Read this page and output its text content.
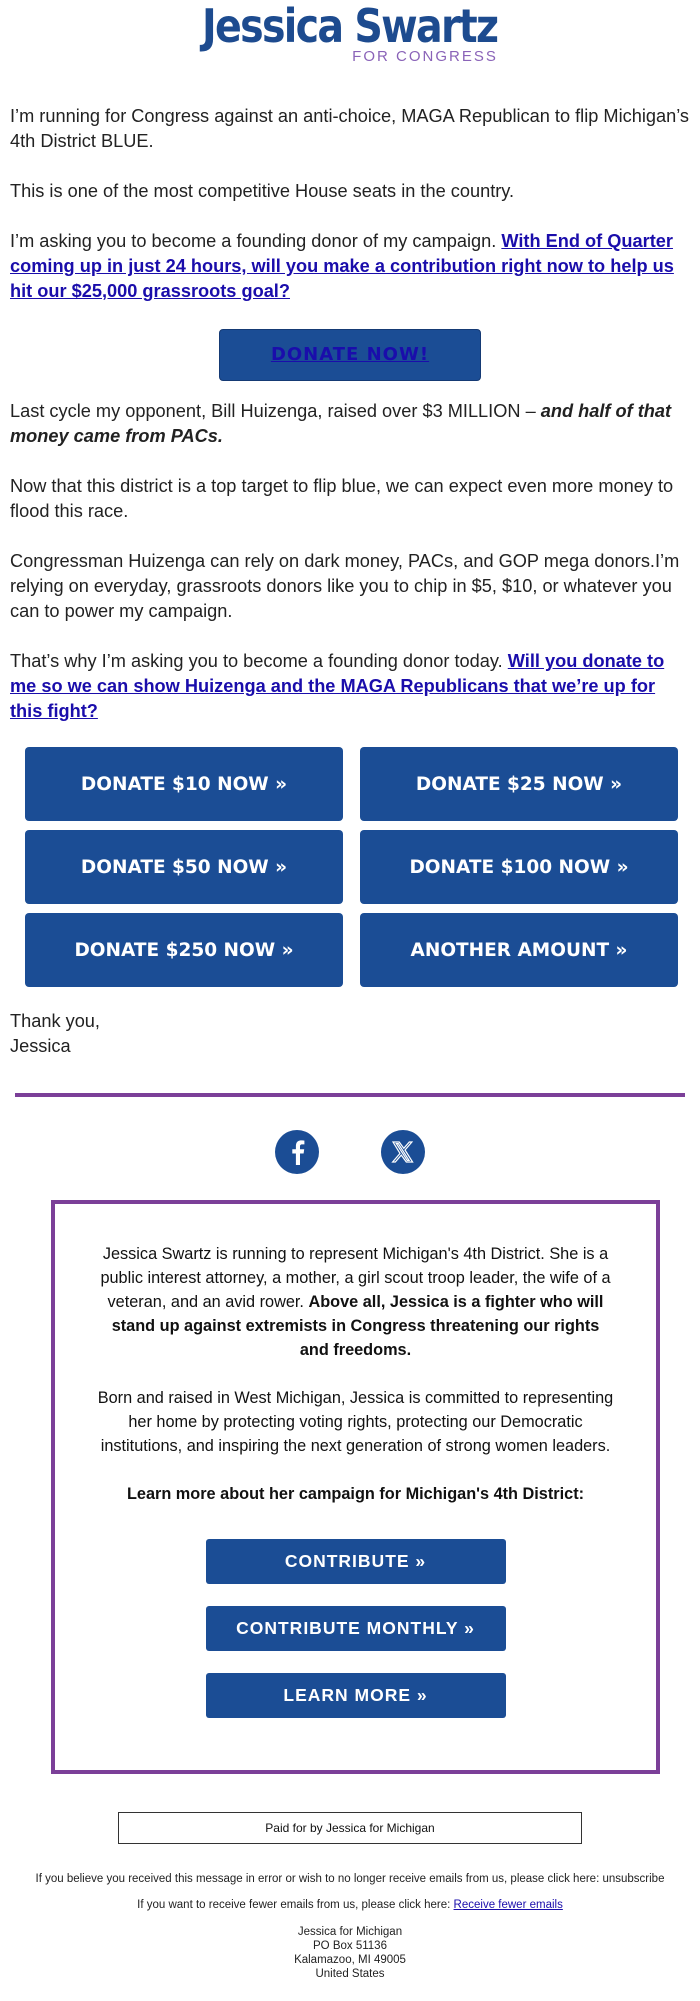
Jessica Swartz
FOR CONGRESS

I’m running for Congress against an anti-choice, MAGA Republican to flip Michigan’s 4th District BLUE.

This is one of the most competitive House seats in the country.

I’m asking you to become a founding donor of my campaign. With End of Quarter coming up in just 24 hours, will you make a contribution right now to help us hit our $25,000 grassroots goal?

DONATE NOW!

Last cycle my opponent, Bill Huizenga, raised over $3 MILLION – and half of that money came from PACs.

Now that this district is a top target to flip blue, we can expect even more money to flood this race.

Congressman Huizenga can rely on dark money, PACs, and GOP mega donors.I’m relying on everyday, grassroots donors like you to chip in $5, $10, or whatever you can to power my campaign.

That’s why I’m asking you to become a founding donor today. Will you donate to me so we can show Huizenga and the MAGA Republicans that we’re up for this fight?

DONATE $10 NOW »	DONATE $25 NOW »
DONATE $50 NOW »	DONATE $100 NOW »
DONATE $250 NOW »	ANOTHER AMOUNT »
Thank you,
Jessica

Jessica Swartz is running to represent Michigan's 4th District. She is a public interest attorney, a mother, a girl scout troop leader, the wife of a veteran, and an avid rower. Above all, Jessica is a fighter who will stand up against extremists in Congress threatening our rights and freedoms.

Born and raised in West Michigan, Jessica is committed to representing her home by protecting voting rights, protecting our Democratic institutions, and inspiring the next generation of strong women leaders.

Learn more about her campaign for Michigan's 4th District:

CONTRIBUTE »
CONTRIBUTE MONTHLY »
LEARN MORE »
Paid for by Jessica for Michigan
If you believe you received this message in error or wish to no longer receive emails from us, please click here: unsubscribe
If you want to receive fewer emails from us, please click here: Receive fewer emails
Jessica for Michigan
PO Box 51136
Kalamazoo, MI 49005
United States
